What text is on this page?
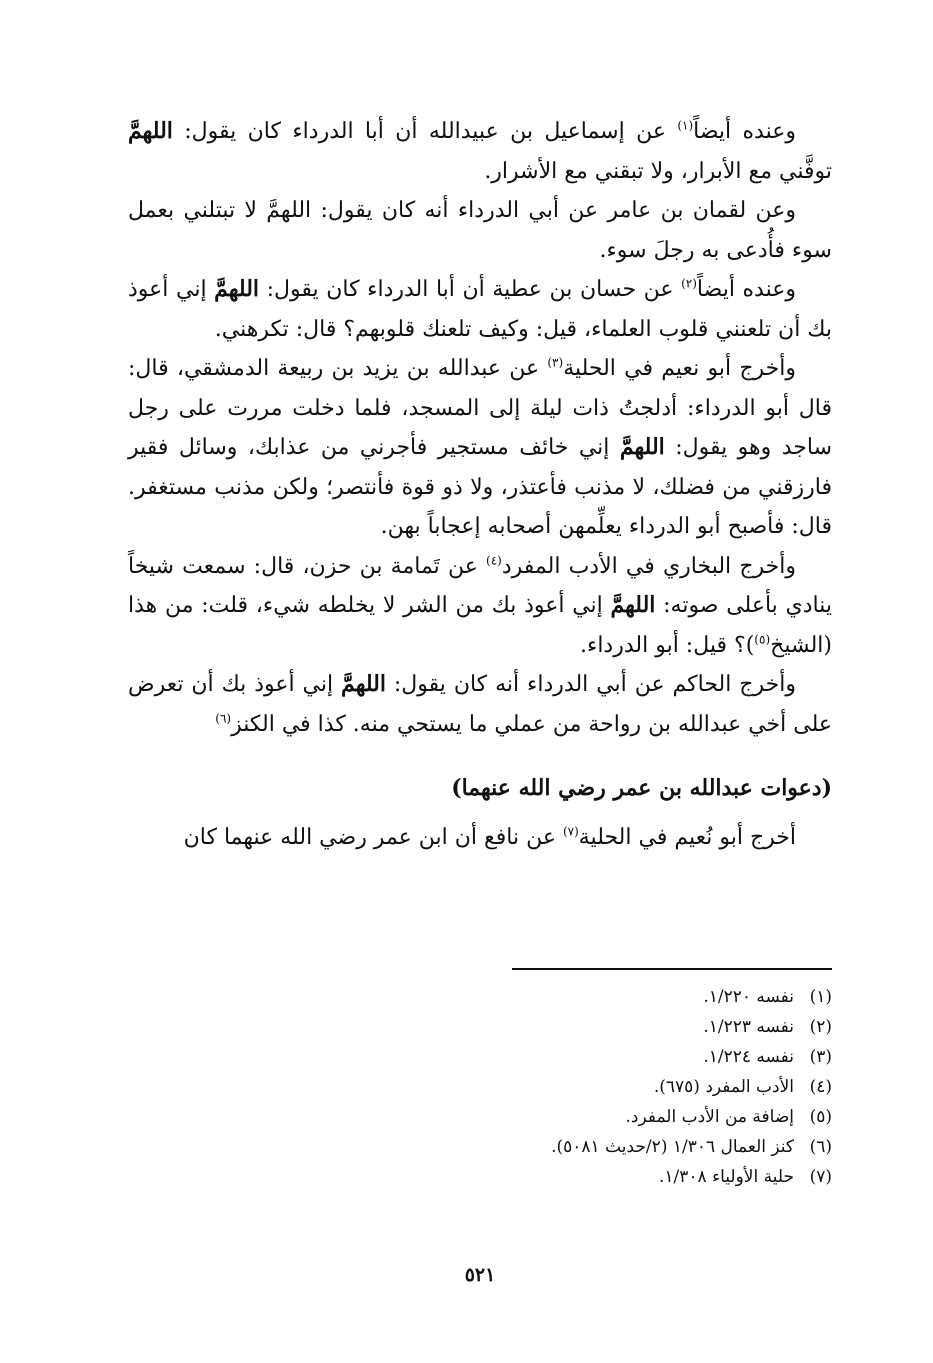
وعنده أيضاً$^{(١)}$ عن إسماعيل بن عبيدالله أن أبا الدرداء كان يقول: اللهمَّ توفَّني مع الأبرار، ولا تبقني مع الأشرار.

وعن لقمان بن عامر عن أبي الدرداء أنه كان يقول: اللهمَّ لا تبتلني بعمل سوء فأُدعى به رجلَ سوء.

وعنده أيضاً$^{(٢)}$ عن حسان بن عطية أن أبا الدرداء كان يقول: اللهمَّ إني أعوذ بك أن تلعنني قلوب العلماء، قيل: وكيف تلعنك قلوبهم؟ قال: تكرهني.

وأخرج أبو نعيم في الحلية$^{(٣)}$ عن عبدالله بن يزيد بن ربيعة الدمشقي، قال: قال أبو الدرداء: أدلجتُ ذات ليلة إلى المسجد، فلما دخلت مررت على رجل ساجد وهو يقول: اللهمَّ إني خائف مستجير فأجرني من عذابك، وسائل فقير فارزقني من فضلك، لا مذنب فأعتذر، ولا ذو قوة فأنتصر؛ ولكن مذنب مستغفر. قال: فأصبح أبو الدرداء يعلِّمهن أصحابه إعجاباً بهن.

وأخرج البخاري في الأدب المفرد$^{(٤)}$ عن تَمامة بن حزن، قال: سمعت شيخاً ينادي بأعلى صوته: اللهمَّ إني أعوذ بك من الشر لا يخلطه شيء، قلت: من هذا (الشيخ$^{(٥)}$)؟ قيل: أبو الدرداء.

وأخرج الحاكم عن أبي الدرداء أنه كان يقول: اللهمَّ إني أعوذ بك أن تعرض على أخي عبدالله بن رواحة من عملي ما يستحي منه. كذا في الكنز$^{(٦)}$

(دعوات عبدالله بن عمر رضي الله عنهما)

أخرج أبو نُعيم في الحلية$^{(٧)}$ عن نافع أن ابن عمر رضي الله عنهما كان

(١)
نفسه ١/٢٢٠.
(٢)
نفسه ١/٢٢٣.
(٣)
نفسه ١/٢٢٤.
(٤)
الأدب المفرد (٦٧٥).
(٥)
إضافة من الأدب المفرد.
(٦)
كنز العمال ١/٣٠٦ (٢/حديث ٥٠٨١).
(٧)
حلية الأولياء ١/٣٠٨.
٥٢١
